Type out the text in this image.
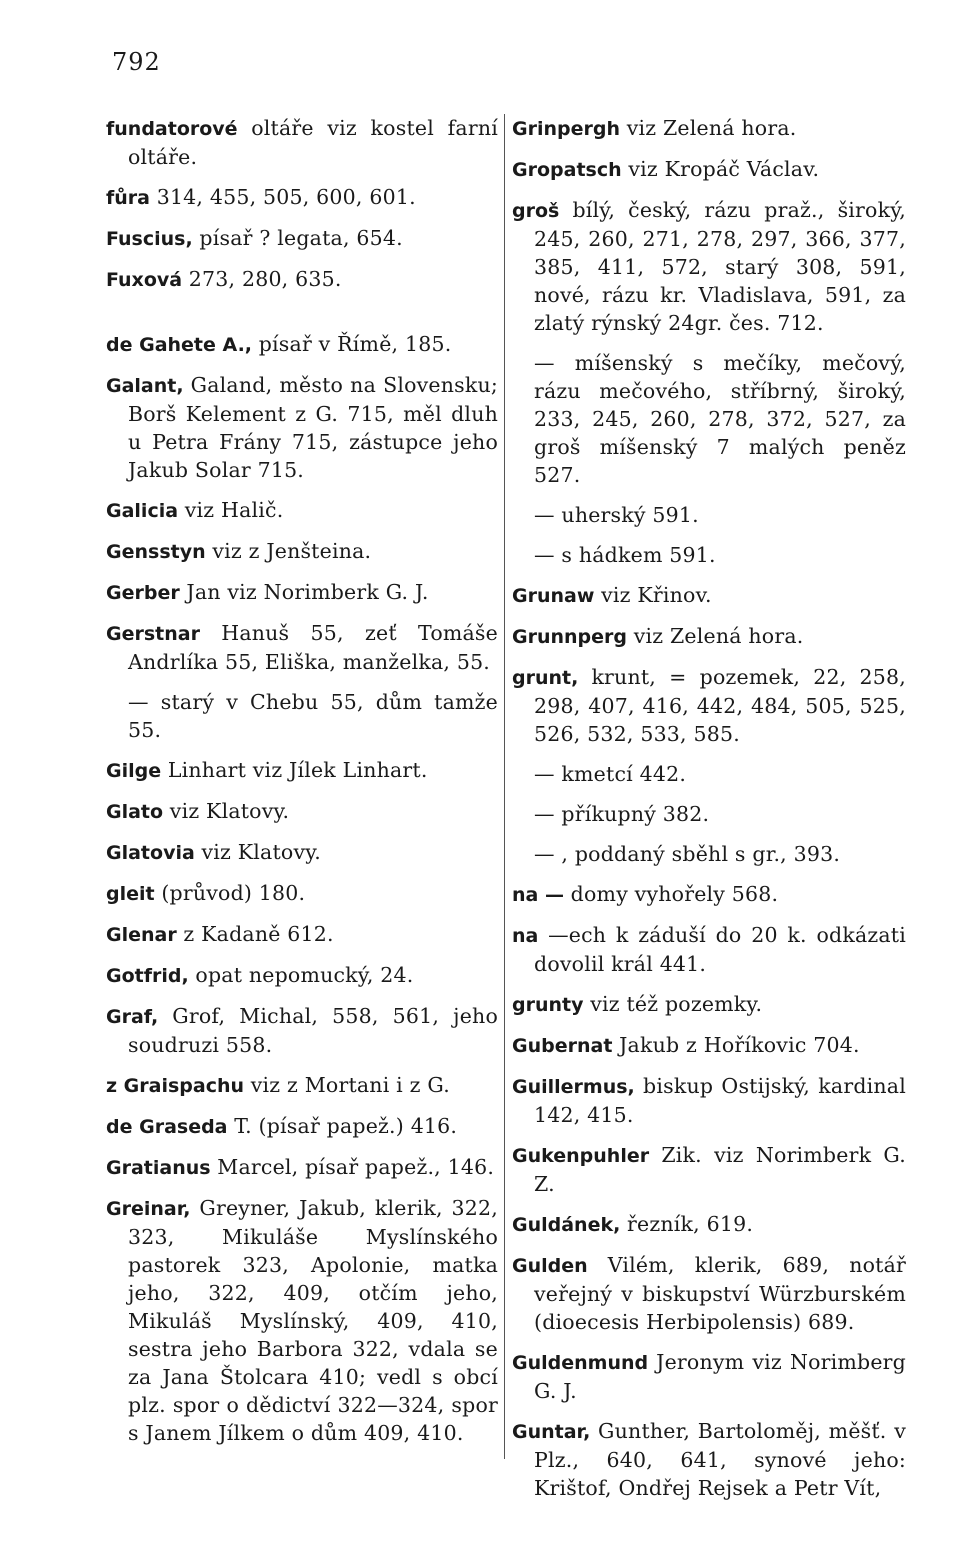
792

fundatorové oltáře viz kostel farní oltáře.

fůra 314, 455, 505, 600, 601.

Fuscius, písař ? legata, 654.

Fuxová 273, 280, 635.

de Gahete A., písař v Římě, 185.

Galant, Galand, město na Slovensku; Borš Kelement z G. 715, měl dluh u Petra Frány 715, zástupce jeho Jakub Solar 715.

Galicia viz Halič.

Gensstyn viz z Jenšteina.

Gerber Jan viz Norimberk G. J.

Gerstnar Hanuš 55, zeť Tomáše Andrlíka 55, Eliška, manželka, 55.

— starý v Chebu 55, dům tamže 55.

Gilge Linhart viz Jílek Linhart.

Glato viz Klatovy.

Glatovia viz Klatovy.

gleit (průvod) 180.

Glenar z Kadaně 612.

Gotfrid, opat nepomucký, 24.

Graf, Grof, Michal, 558, 561, jeho soudruzi 558.

z Graispachu viz z Mortani i z G.

de Graseda T. (písař papež.) 416.

Gratianus Marcel, písař papež., 146.

Greinar, Greyner, Jakub, klerik, 322, 323, Mikuláše Myslínského pastorek 323, Apolonie, matka jeho, 322, 409, otčím jeho, Mikuláš Myslínský, 409, 410, sestra jeho Barbora 322, vdala se za Jana Štolcara 410; vedl s obcí plz. spor o dědictví 322—324, spor s Janem Jílkem o dům 409, 410.

Grinpergh viz Zelená hora.

Gropatsch viz Kropáč Václav.

groš bílý, český, rázu praž., široký, 245, 260, 271, 278, 297, 366, 377, 385, 411, 572, starý 308, 591, nové, rázu kr. Vladislava, 591, za zlatý rýnský 24gr. čes. 712.

— míšenský s mečíky, mečový, rázu mečového, stříbrný, široký, 233, 245, 260, 278, 372, 527, za groš míšenský 7 malých peněz 527.

— uherský 591.

— s hádkem 591.

Grunaw viz Křinov.

Grunnperg viz Zelená hora.

grunt, krunt, = pozemek, 22, 258, 298, 407, 416, 442, 484, 505, 525, 526, 532, 533, 585.

— kmetcí 442.

— příkupný 382.

— , poddaný sběhl s gr., 393.

na — domy vyhořely 568.

na —ech k záduší do 20 k. odkázati dovolil král 441.

grunty viz též pozemky.

Gubernat Jakub z Hoříkovic 704.

Guillermus, biskup Ostijský, kardinal 142, 415.

Gukenpuhler Zik. viz Norimberk G. Z.

Guldánek, řezník, 619.

Gulden Vilém, klerik, 689, notář veřejný v biskupství Würzburském (dioecesis Herbipolensis) 689.

Guldenmund Jeronym viz Norimberg G. J.

Guntar, Gunther, Bartoloměj, měšť. v Plz., 640, 641, synové jeho: Krištof, Ondřej Rejsek a Petr Vít,
